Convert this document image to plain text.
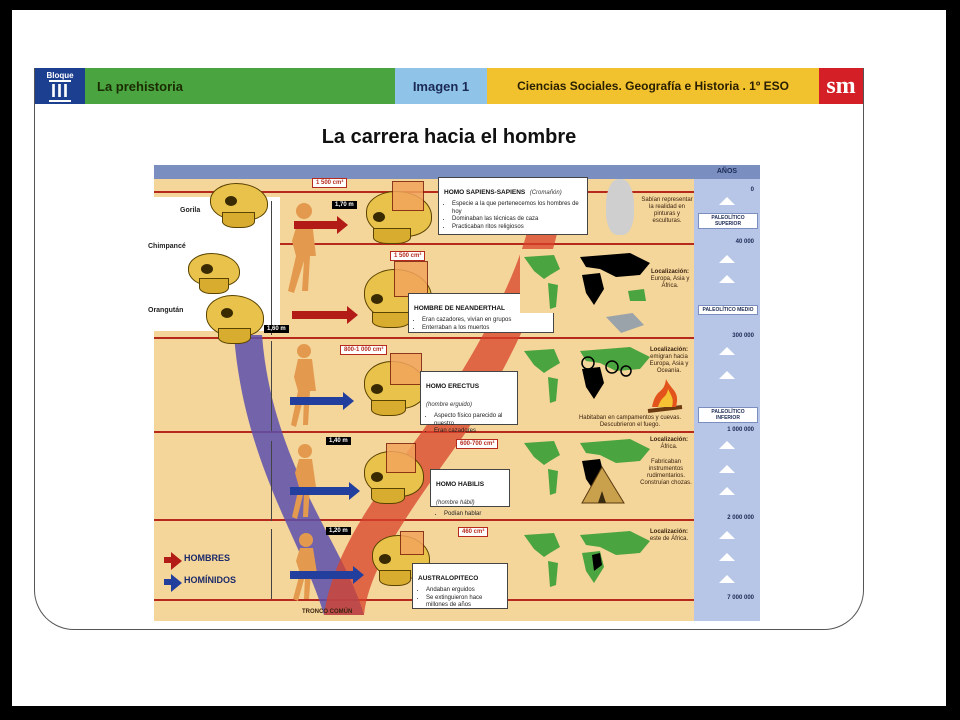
Bloque
III	La prehistoria	Imagen 1	Ciencias Sociales. Geografía e Historia . 1º ESO	sm
La carrera hacia el hombre
Gorila
Chimpancé
Orangután
1 500 cm³
1,70 m
HOMO SAPIENS-SAPIENS (Cromañón)
• Especie a la que pertenecemos los hombres de hoy
• Dominaban las técnicas de caza
• Practicaban ritos religiosos
Sabían representar la realidad en pinturas y esculturas.
1 500 cm³
HOMBRE DE NEANDERTHAL
• Eran cazadores, vivían en grupos
• Enterraban a los muertos
Localización:
Europa, Asia y África.
1,60 m
800-1 000 cm³
HOMO ERECTUS
(hombre erguido)
• Aspecto físico parecido al nuestro
• Eran cazadores
Localización:
emigran hacia Europa, Asia y Oceanía.
Habitaban en campamentos y cuevas. Descubrieron el fuego.
1,40 m	600-700 cm³
HOMO HABILIS
(hombre hábil)
• Podían hablar
Localización:
África.
Fabricaban instrumentos rudimentarios. Construían chozas.
1,20 m	460 cm³
AUSTRALOPITECO
• Andaban erguidos
• Se extinguieron hace millones de años
Localización:
este de África.
HOMBRES
HOMÍNIDOS
TRONCO COMÚN
AÑOS
0
40 000
300 000
1 000 000
2 000 000
7 000 000
PALEOLÍTICO SUPERIOR
PALEOLÍTICO MEDIO
PALEOLÍTICO INFERIOR
